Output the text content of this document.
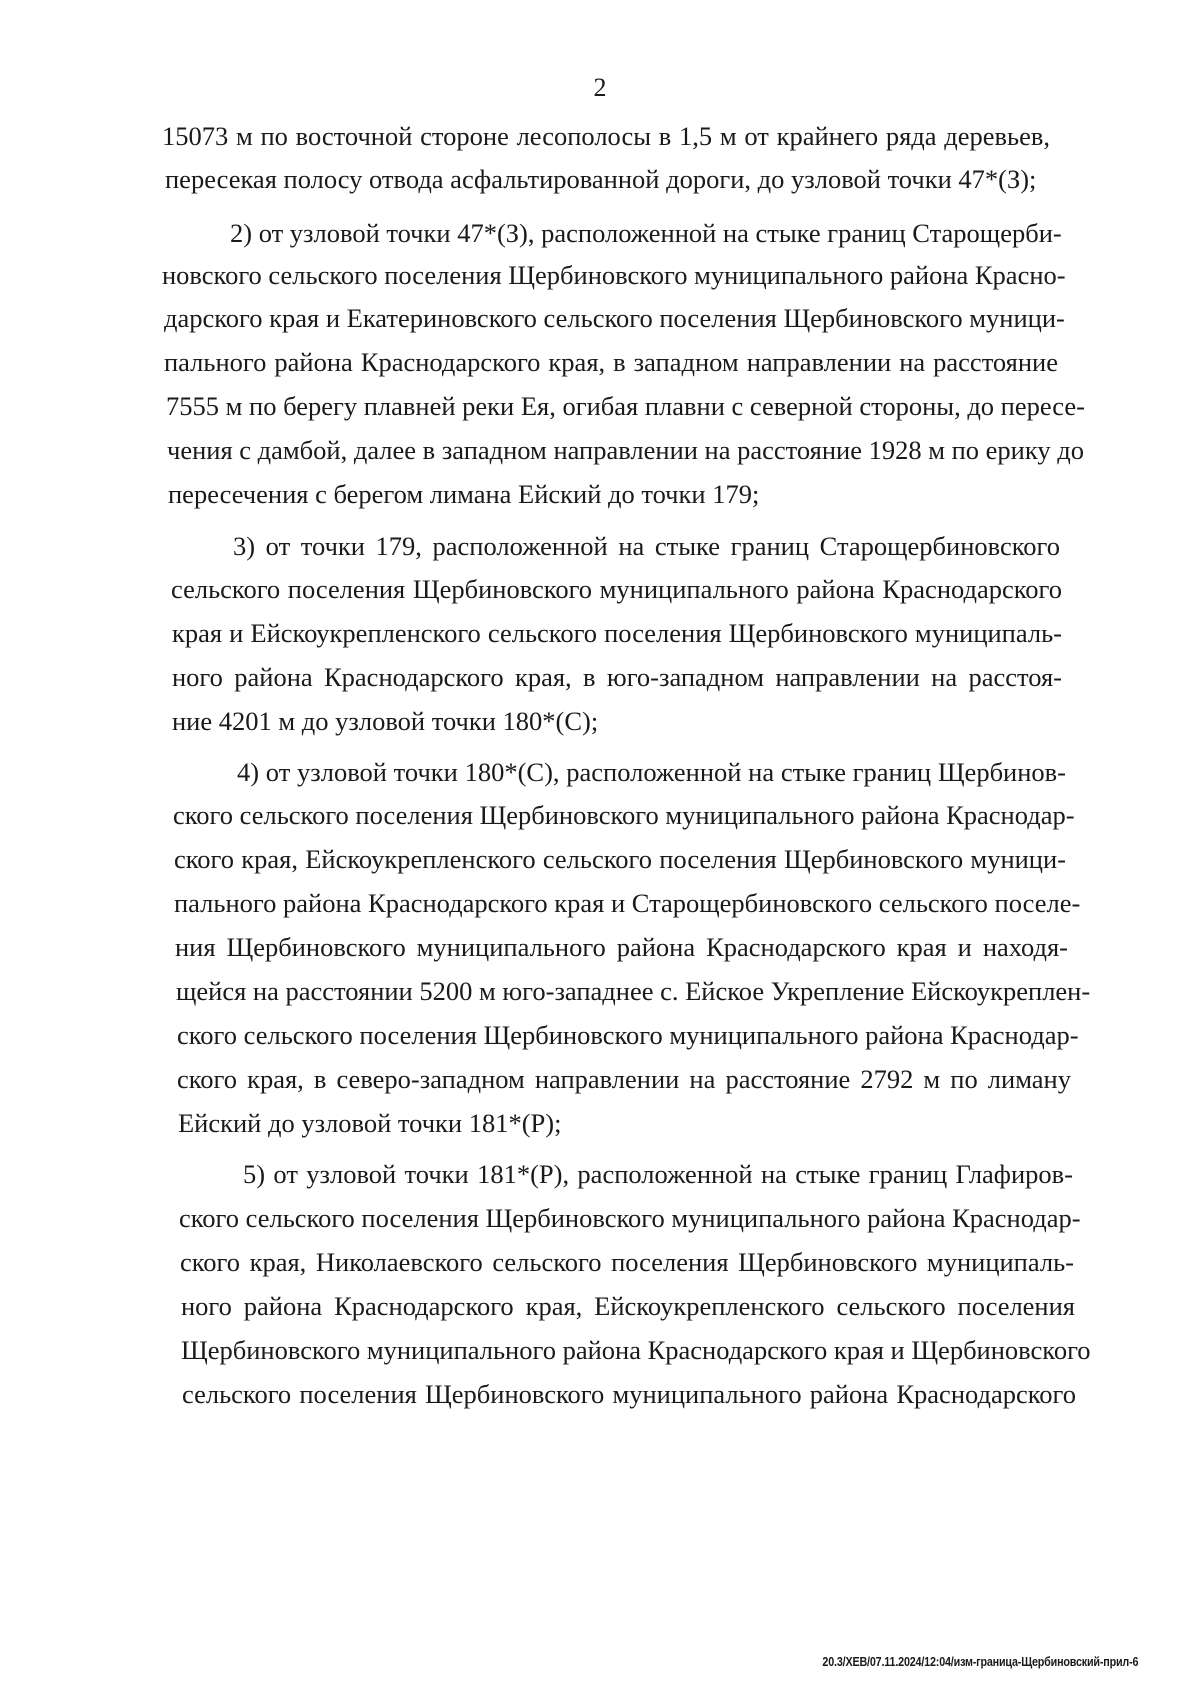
2
15073 м по восточной стороне лесополосы в 1,5 м от крайнего ряда деревьев,
пересекая полосу отвода асфальтированной дороги, до узловой точки 47*(З);
2) от узловой точки 47*(З), расположенной на стыке границ Старощерби-
новского сельского поселения Щербиновского муниципального района Красно-
дарского края и Екатериновского сельского поселения Щербиновского муници-
пального района Краснодарского края, в западном направлении на расстояние
7555 м по берегу плавней реки Ея, огибая плавни с северной стороны, до пересе-
чения с дамбой, далее в западном направлении на расстояние 1928 м по ерику до
пересечения с берегом лимана Ейский до точки 179;
3) от точки 179, расположенной на стыке границ Старощербиновского
сельского поселения Щербиновского муниципального района Краснодарского
края и Ейскоукрепленского сельского поселения Щербиновского муниципаль-
ного района Краснодарского края, в юго-западном направлении на расстоя-
ние 4201 м до узловой точки 180*(С);
4) от узловой точки 180*(С), расположенной на стыке границ Щербинов-
ского сельского поселения Щербиновского муниципального района Краснодар-
ского края, Ейскоукрепленского сельского поселения Щербиновского муници-
пального района Краснодарского края и Старощербиновского сельского поселе-
ния Щербиновского муниципального района Краснодарского края и находя-
щейся на расстоянии 5200 м юго-западнее с. Ейское Укрепление Ейскоукреплен-
ского сельского поселения Щербиновского муниципального района Краснодар-
ского края, в северо-западном направлении на расстояние 2792 м по лиману
Ейский до узловой точки 181*(Р);
5) от узловой точки 181*(Р), расположенной на стыке границ Глафиров-
ского сельского поселения Щербиновского муниципального района Краснодар-
ского края, Николаевского сельского поселения Щербиновского муниципаль-
ного района Краснодарского края, Ейскоукрепленского сельского поселения
Щербиновского муниципального района Краснодарского края и Щербиновского
сельского поселения Щербиновского муниципального района Краснодарского
20.3/ХЕВ/07.11.2024/12:04/изм-граница-Щербиновский-прил-6
